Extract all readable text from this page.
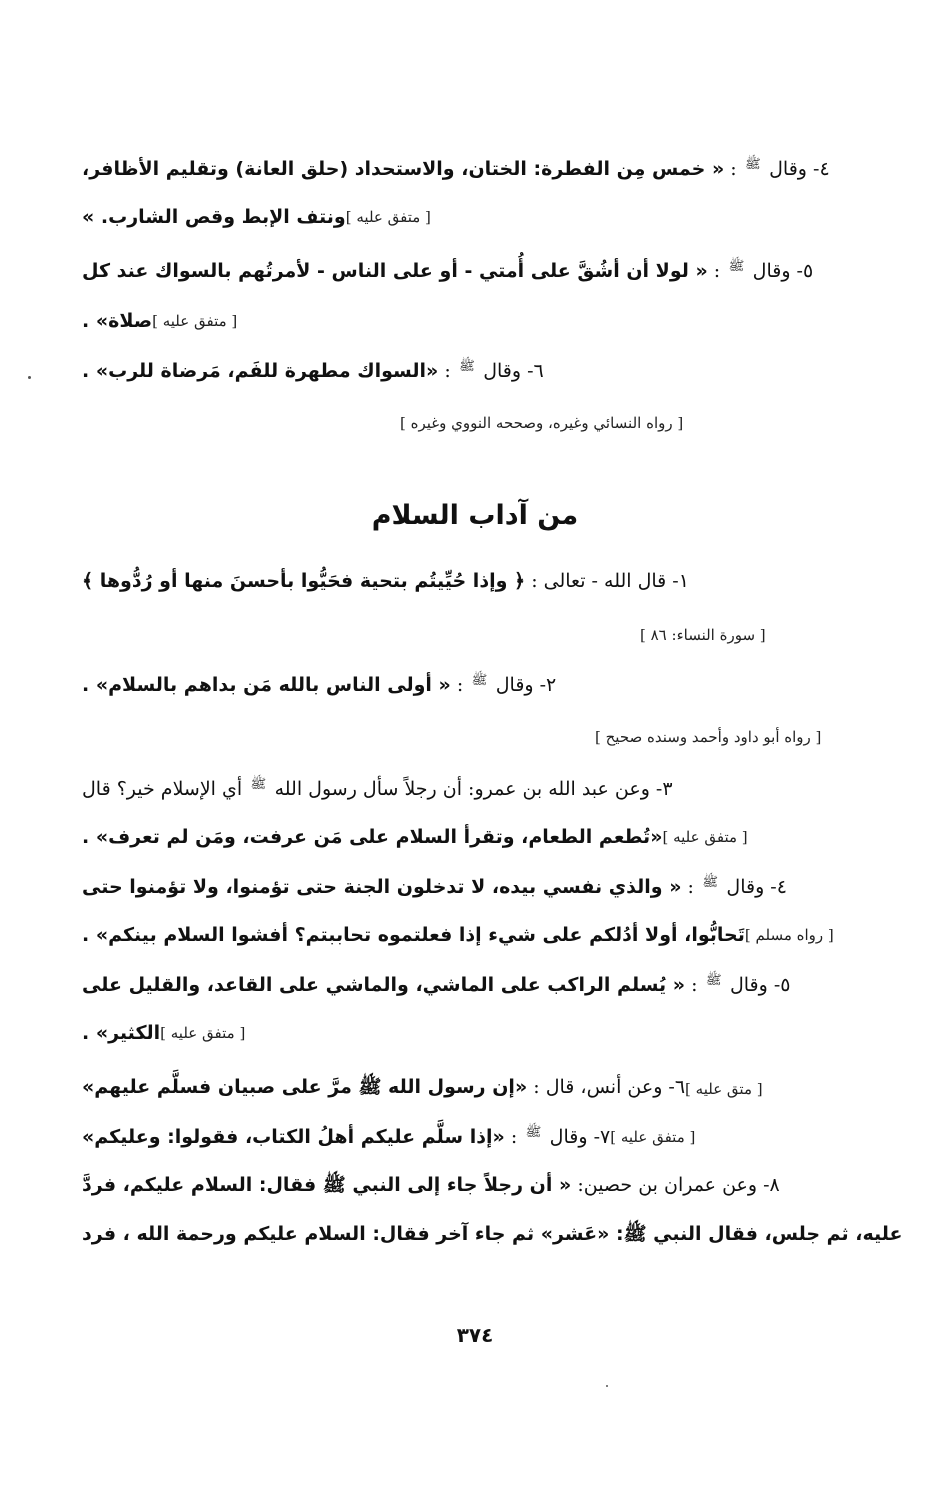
٤- وقال $^ﷺ$ : « خمس مِن الفطرة: الختان، والاستحداد (حلق العانة) وتقليم الأظافر،
ونتف الإبط وقص الشارب. » [ متفق عليه ]
٥- وقال $^ﷺ$ : « لولا أن أشُقَّ على أُمتي - أو على الناس - لأمرتُهم بالسواك عند كل
صلاة» . [ متفق عليه ]
٦- وقال $^ﷺ$ : «السواك مطهرة للفَم، مَرضاة للرب» .
[ رواه النسائي وغيره، وصححه النووي وغيره ]
من آداب السلام
١- قال الله - تعالى : ﴿ وإذا حُيِّيتُم بتحية فحَيُّوا بأحسنَ منها أو رُدُّوها ﴾
[ سورة النساء: ٨٦ ]
٢- وقال $^ﷺ$ : « أولى الناس بالله مَن بداهم بالسلام» .
[ رواه أبو داود وأحمد وسنده صحيح ]
٣- وعن عبد الله بن عمرو: أن رجلاً سأل رسول الله $^ﷺ$ أي الإسلام خير؟ قال
«تُطعم الطعام، وتقرأ السلام على مَن عرفت، ومَن لم تعرف» . [ متفق عليه ]
٤- وقال $^ﷺ$ : « والذي نفسي بيده، لا تدخلون الجنة حتى تؤمنوا، ولا تؤمنوا حتى
تَحابُّوا، أولا أدُلكم على شيء إذا فعلتموه تحاببتم؟ أفشوا السلام بينكم» . [ رواه مسلم ]
٥- وقال $^ﷺ$ : « يُسلم الراكب على الماشي، والماشي على القاعد، والقليل على
الكثير» . [ متفق عليه ]
٦- وعن أنس، قال : «إن رسول الله ﷺ مرَّ على صبيان فسلَّم عليهم»	[ متق عليه ]
٧- وقال $^ﷺ$ : «إذا سلَّم عليكم أهلُ الكتاب، فقولوا: وعليكم»	[ متفق عليه ]
٨- وعن عمران بن حصين: « أن رجلاً جاء إلى النبي ﷺ فقال: السلام عليكم، فردَّ
عليه، ثم جلس، فقال النبي ﷺ: «عَشر» ثم جاء آخر فقال: السلام عليكم ورحمة الله ، فرد
٣٧٤
